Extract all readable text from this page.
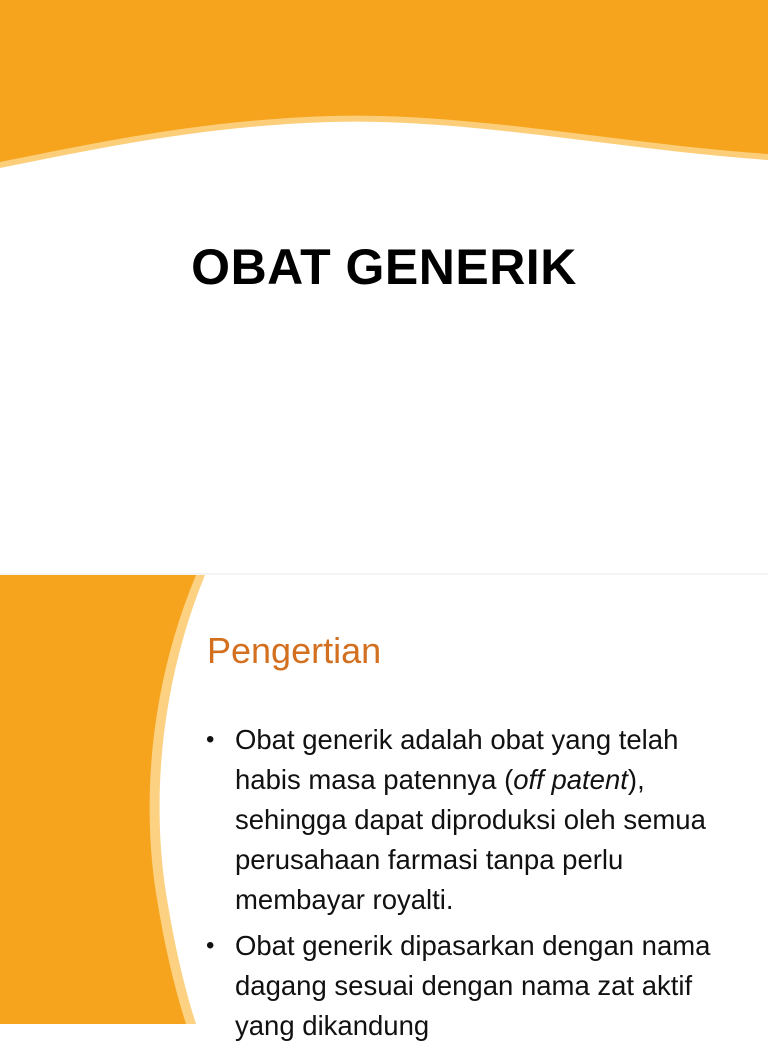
OBAT GENERIK
Pengertian
• Obat generik adalah obat yang telah habis masa patennya (off patent), sehingga dapat diproduksi oleh semua perusahaan farmasi tanpa perlu membayar royalti.
• Obat generik dipasarkan dengan nama dagang sesuai dengan nama zat aktif yang dikandung
